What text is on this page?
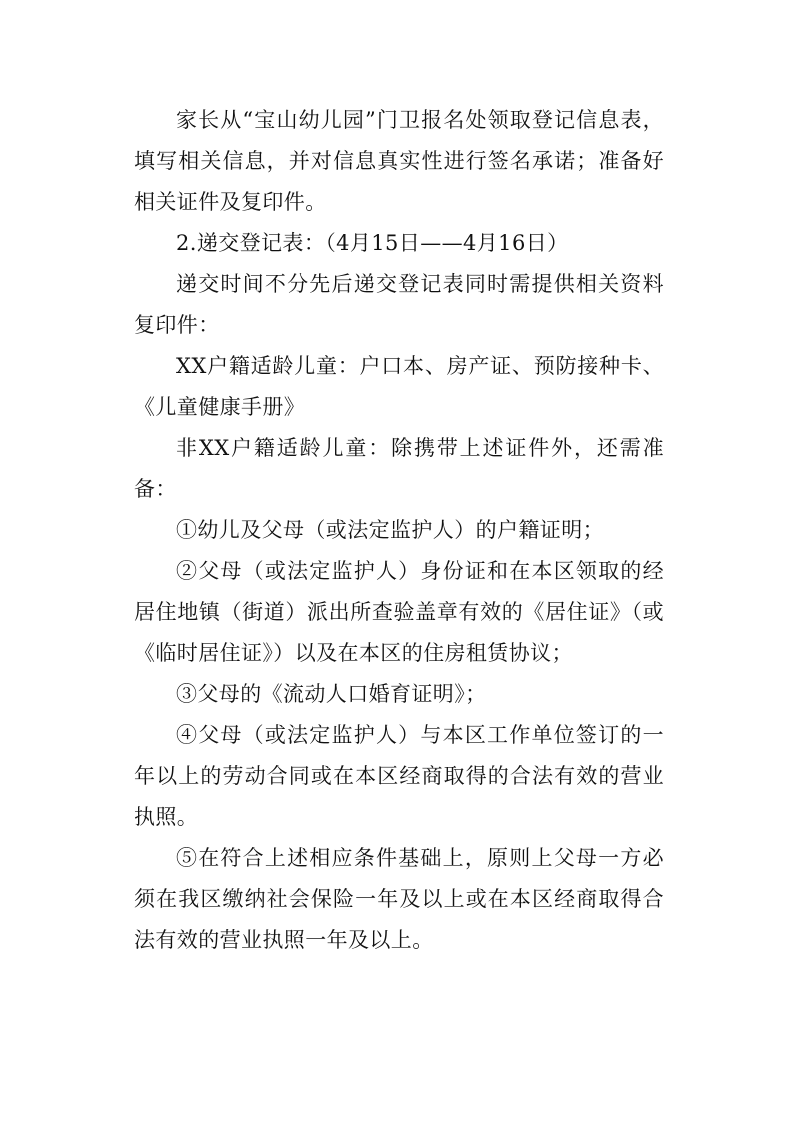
家长从“宝山幼儿园”门卫报名处领取登记信息表，填写相关信息，并对信息真实性进行签名承诺；准备好相关证件及复印件。

2.递交登记表：（4月15日——4月16日）

递交时间不分先后递交登记表同时需提供相关资料复印件：

XX户籍适龄儿童：户口本、房产证、预防接种卡、《儿童健康手册》

非XX户籍适龄儿童：除携带上述证件外，还需准备：

①幼儿及父母（或法定监护人）的户籍证明；

②父母（或法定监护人）身份证和在本区领取的经居住地镇（街道）派出所查验盖章有效的《居住证》（或《临时居住证》）以及在本区的住房租赁协议；

③父母的《流动人口婚育证明》；

④父母（或法定监护人）与本区工作单位签订的一年以上的劳动合同或在本区经商取得的合法有效的营业执照。

⑤在符合上述相应条件基础上，原则上父母一方必须在我区缴纳社会保险一年及以上或在本区经商取得合法有效的营业执照一年及以上。
